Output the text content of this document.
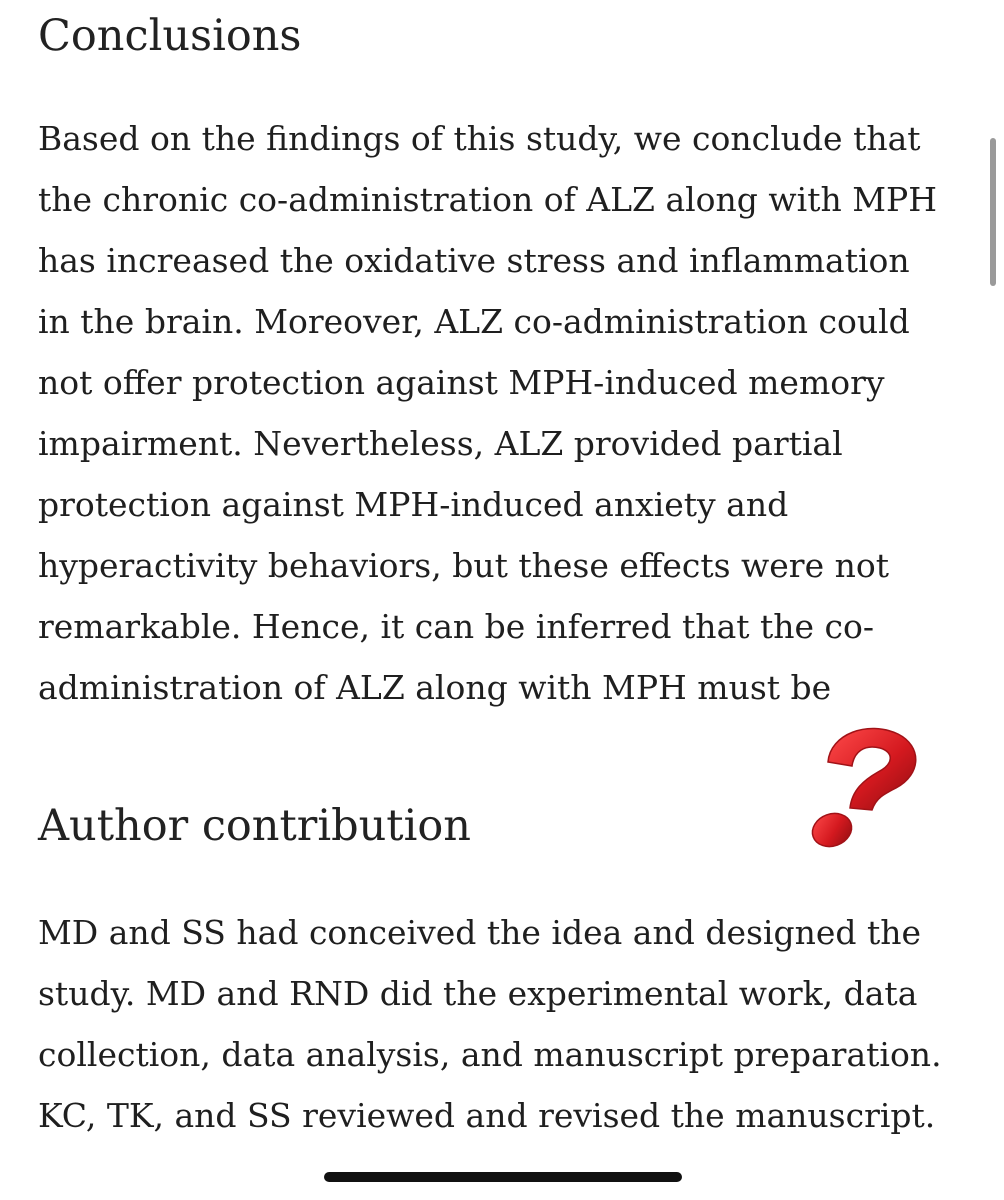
Conclusions

Based on the findings of this study, we conclude that
the chronic co-administration of ALZ along with MPH
has increased the oxidative stress and inflammation
in the brain. Moreover, ALZ co-administration could
not offer protection against MPH-induced memory
impairment. Nevertheless, ALZ provided partial
protection against MPH-induced anxiety and
hyperactivity behaviors, but these effects were not
remarkable. Hence, it can be inferred that the co-
administration of ALZ along with MPH must be

Author contribution

MD and SS had conceived the idea and designed the
study. MD and RND did the experimental work, data
collection, data analysis, and manuscript preparation.
KC, TK, and SS reviewed and revised the manuscript.
